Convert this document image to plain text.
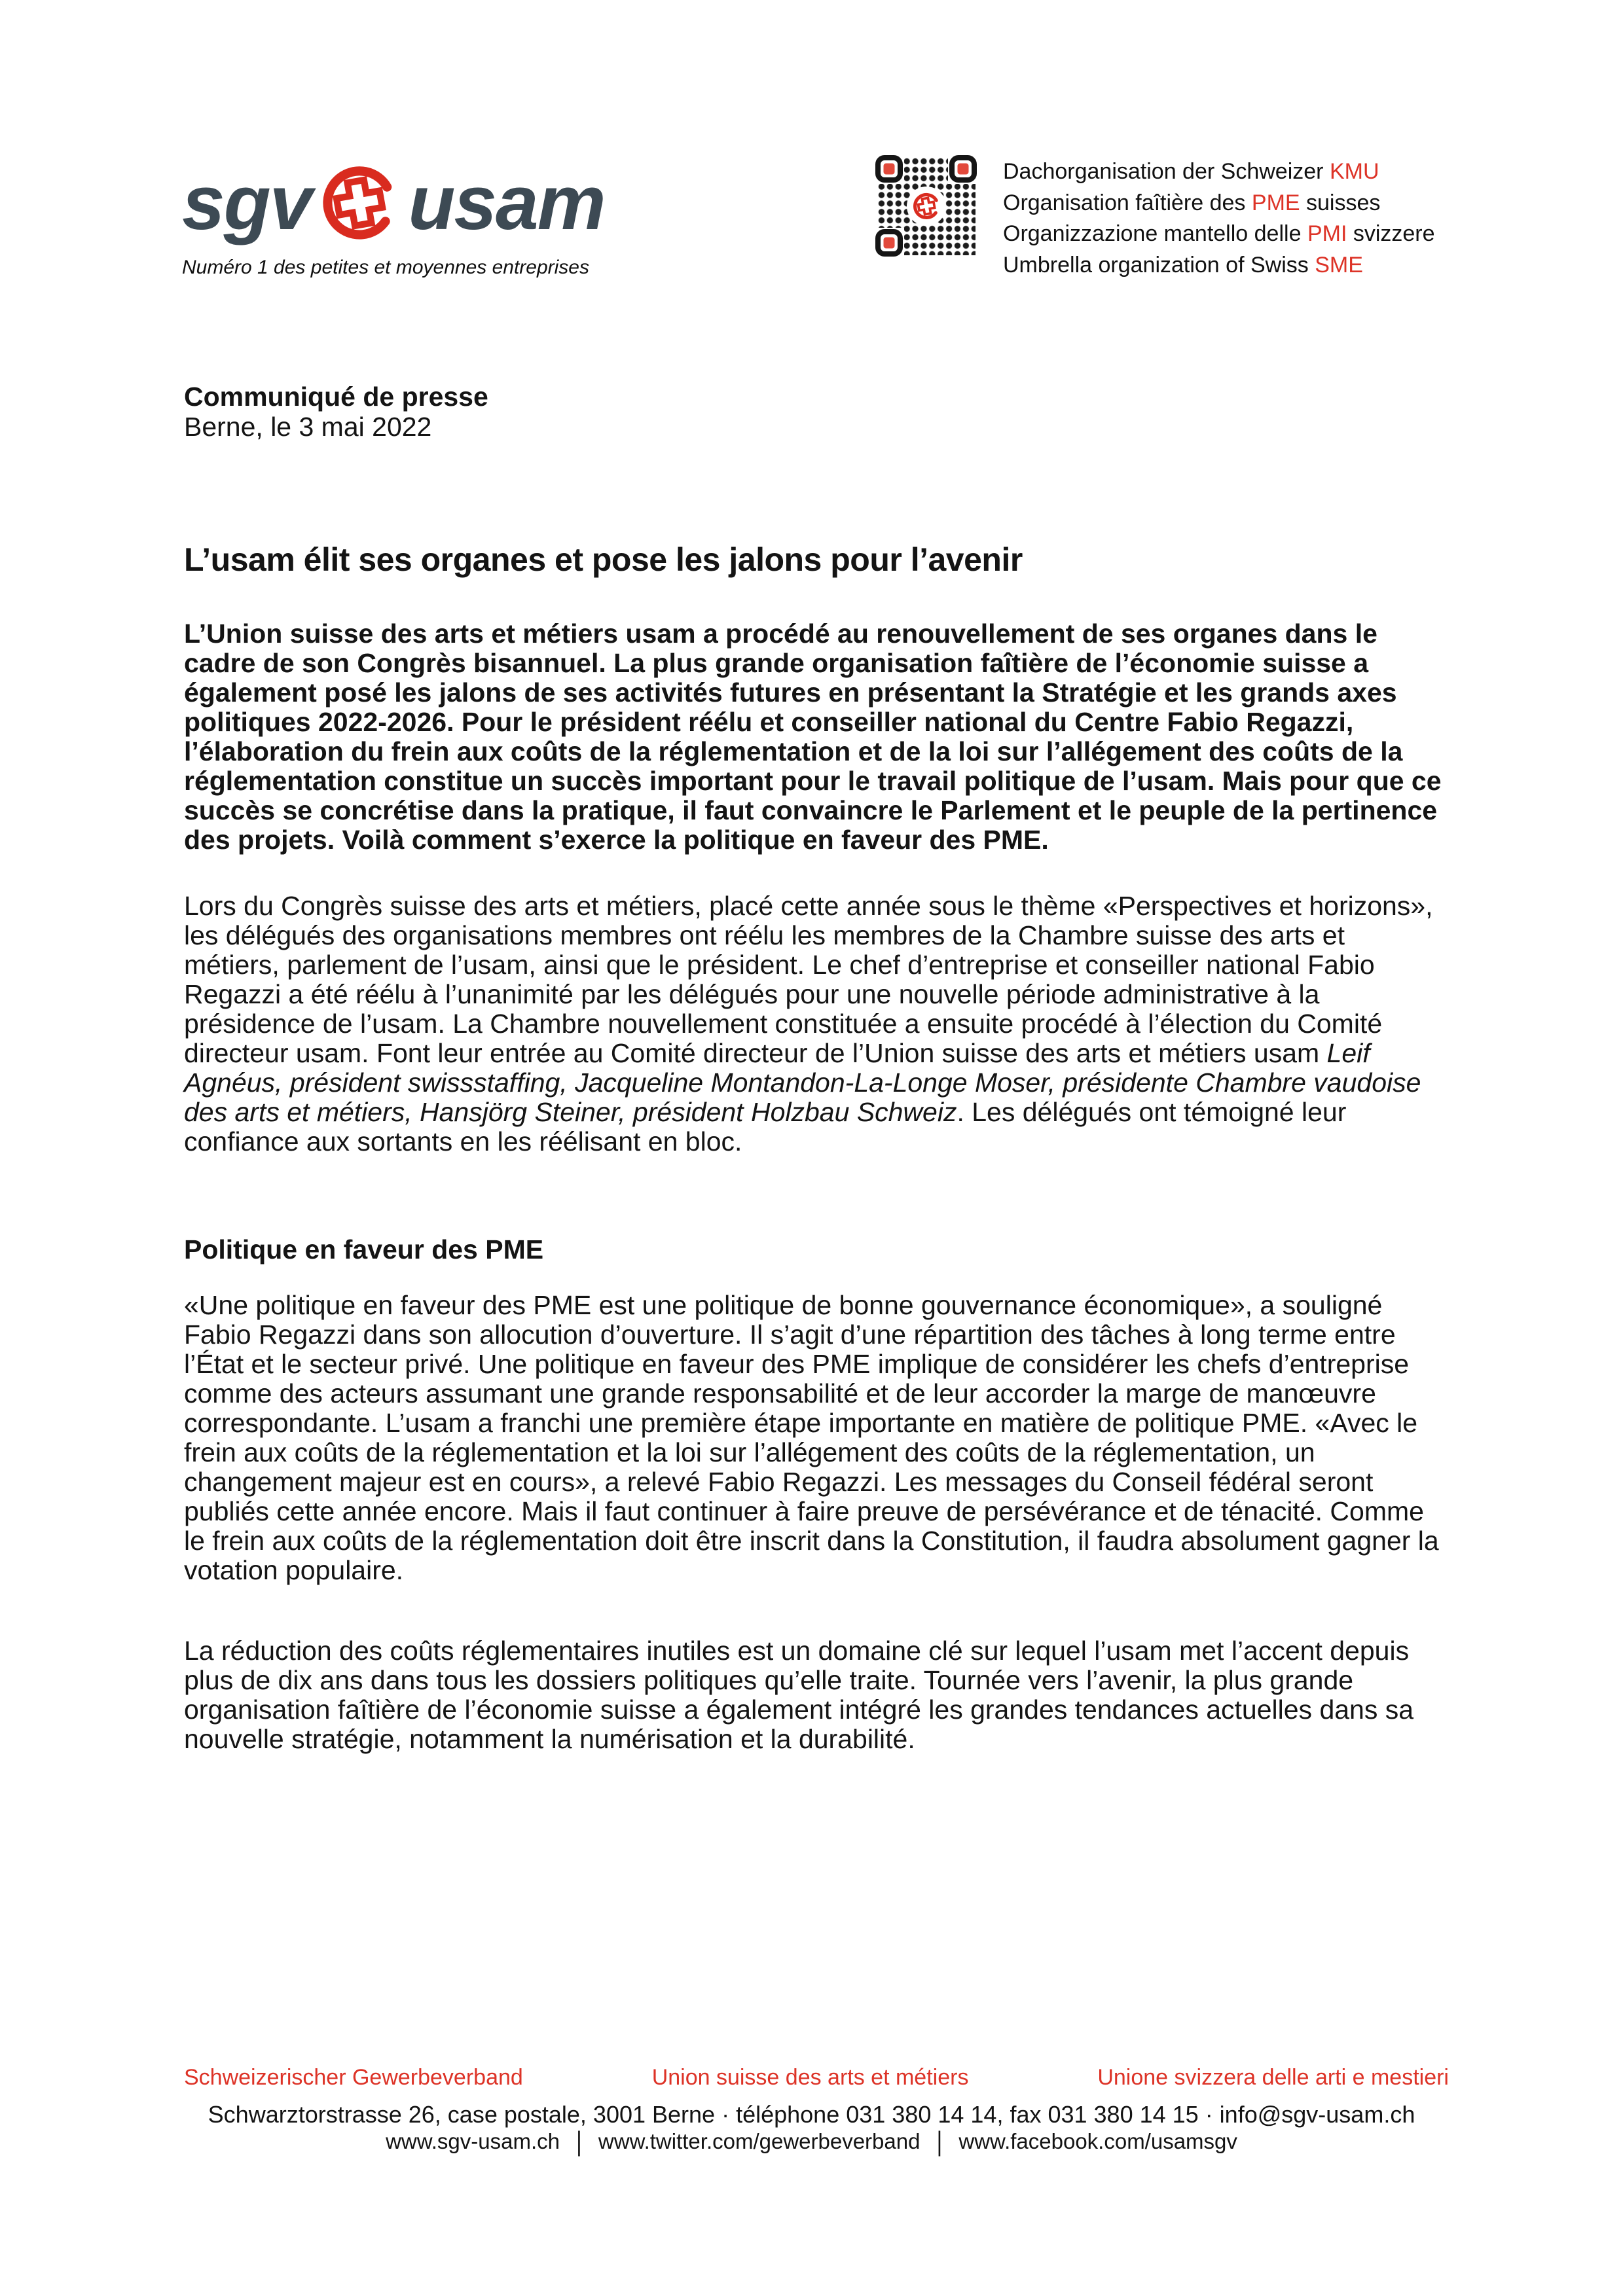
sgv usam
Numéro 1 des petites et moyennes entreprises
Dachorganisation der Schweizer KMU
Organisation faîtière des PME suisses
Organizzazione mantello delle PMI svizzere
Umbrella organization of Swiss SME
Communiqué de presse
Berne, le 3 mai 2022
L’usam élit ses organes et pose les jalons pour l’avenir

L’Union suisse des arts et métiers usam a procédé au renouvellement de ses organes dans le cadre de son Congrès bisannuel. La plus grande organisation faîtière de l’économie suisse a également posé les jalons de ses activités futures en présentant la Stratégie et les grands axes politiques 2022-2026. Pour le président réélu et conseiller national du Centre Fabio Regazzi, l’élaboration du frein aux coûts de la réglementation et de la loi sur l’allégement des coûts de la réglementation constitue un succès important pour le travail politique de l’usam. Mais pour que ce succès se concrétise dans la pratique, il faut convaincre le Parlement et le peuple de la pertinence des projets. Voilà comment s’exerce la politique en faveur des PME.

Lors du Congrès suisse des arts et métiers, placé cette année sous le thème «Perspectives et horizons», les délégués des organisations membres ont réélu les membres de la Chambre suisse des arts et métiers, parlement de l’usam, ainsi que le président. Le chef d’entreprise et conseiller national Fabio Regazzi a été réélu à l’unanimité par les délégués pour une nouvelle période administrative à la présidence de l’usam. La Chambre nouvellement constituée a ensuite procédé à l’élection du Comité directeur usam. Font leur entrée au Comité directeur de l’Union suisse des arts et métiers usam Leif Agnéus, président swissstaffing, Jacqueline Montandon-La-Longe Moser, présidente Chambre vaudoise des arts et métiers, Hansjörg Steiner, président Holzbau Schweiz. Les délégués ont témoigné leur confiance aux sortants en les réélisant en bloc.

Politique en faveur des PME

«Une politique en faveur des PME est une politique de bonne gouvernance économique», a souligné Fabio Regazzi dans son allocution d’ouverture. Il s’agit d’une répartition des tâches à long terme entre l’État et le secteur privé. Une politique en faveur des PME implique de considérer les chefs d’entreprise comme des acteurs assumant une grande responsabilité et de leur accorder la marge de manœuvre correspondante. L’usam a franchi une première étape importante en matière de politique PME. «Avec le frein aux coûts de la réglementation et la loi sur l’allégement des coûts de la réglementation, un changement majeur est en cours», a relevé Fabio Regazzi. Les messages du Conseil fédéral seront publiés cette année encore. Mais il faut continuer à faire preuve de persévérance et de ténacité. Comme le frein aux coûts de la réglementation doit être inscrit dans la Constitution, il faudra absolument gagner la votation populaire.

La réduction des coûts réglementaires inutiles est un domaine clé sur lequel l’usam met l’accent depuis plus de dix ans dans tous les dossiers politiques qu’elle traite. Tournée vers l’avenir, la plus grande organisation faîtière de l’économie suisse a également intégré les grandes tendances actuelles dans sa nouvelle stratégie, notamment la numérisation et la durabilité.

Schweizerischer Gewerbeverband	Union suisse des arts et métiers	Unione svizzera delle arti e mestieri
Schwarztorstrasse 26, case postale, 3001 Berne · téléphone 031 380 14 14, fax 031 380 14 15 · info@sgv-usam.ch
www.sgv-usam.ch | www.twitter.com/gewerbeverband | www.facebook.com/usamsgv
